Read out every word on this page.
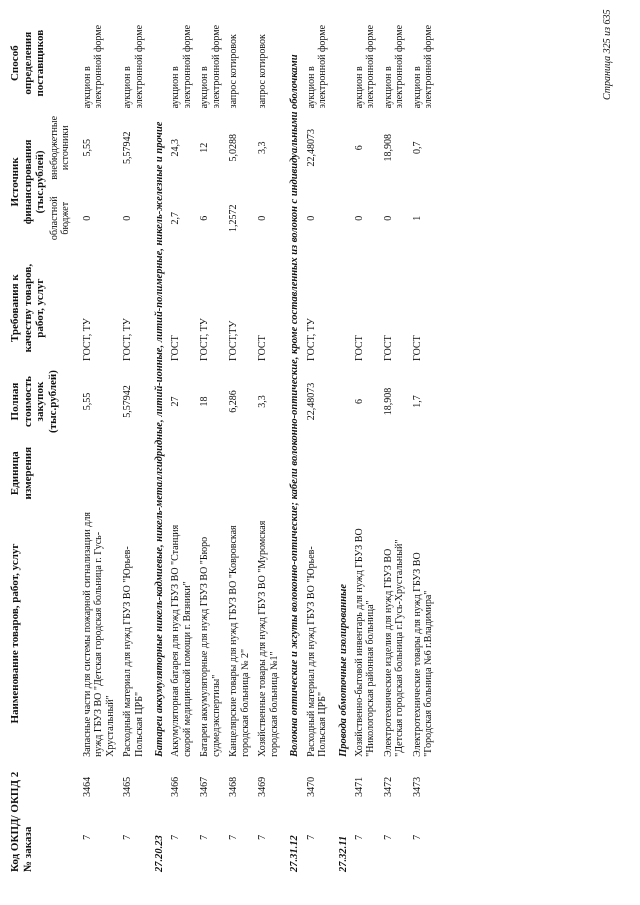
Код ОКПД/ ОКПД 2 № заказа		Наименование товаров, работ, услуг	Единица измерения	Полная стоимость закупок (тыс.рублей)	Требования к качеству товаров, работ, услуг	Источник финансирования (тыс.рублей)		Способ определения поставщиков
						областной бюджет	внебюджетные источники	

7	3464	Запасные части для системы пожарной сигнализации для нужд ГБУЗ ВО "Детская городская больница г. Гусь-Хрустальный"		5,55	ГОСТ, ТУ	0	5,55	аукцион в электронной форме
7	3465	Расходный материал для нужд ГБУЗ ВО "Юрьев-Польская ЦРБ"		5,57942	ГОСТ, ТУ	0	5,57942	аукцион в электронной форме
27.20.23		Батареи аккумуляторные никель-кадмиевые, никель-металлгидридные, литий-ионные, литий-полимерные, никель-железные и прочие						
7	3466	Аккумуляторная батарея для нужд ГБУЗ ВО "Станция скорой медицинской помощи г. Вязники"		27	ГОСТ	2,7	24,3	аукцион в электронной форме
7	3467	Батареи аккумуляторные для нужд ГБУЗ ВО "Бюро судмедэкспертизы"		18	ГОСТ, ТУ	6	12	аукцион в электронной форме
7	3468	Канцелярские товары для нужд ГБУЗ ВО "Ковровская городская больница № 2"		6,286	ГОСТ,ТУ	1,2572	5,0288	запрос котировок
7	3469	Хозяйственные товары для нужд ГБУЗ ВО "Муромская городская больница №1"		3,3	ГОСТ	0	3,3	запрос котировок
27.31.12		Волокна оптические и жгуты волоконно-оптические; кабели волоконно-оптические, кроме составленных из волокон с индивидуальными оболочками						
7	3470	Расходный материал для нужд ГБУЗ ВО "Юрьев-Польская ЦРБ"		22,48073	ГОСТ, ТУ	0	22,48073	аукцион в электронной форме
27.32.11		Провода обмоточные изолированные						
7	3471	Хозяйственно-бытовой инвентарь для нужд ГБУЗ ВО "Никологорская районная больница"		6	ГОСТ	0	6	аукцион в электронной форме
7	3472	Электротехнические изделия для нужд ГБУЗ ВО "Детская городская больница г.Гусь-Хрустальный"		18,908	ГОСТ	0	18,908	аукцион в электронной форме
7	3473	Электротехнические товары для нужд ГБУЗ ВО "Городская больница №6 г.Владимира"		1,7	ГОСТ	1	0,7	аукцион в электронной форме	Страница 325 из 635
